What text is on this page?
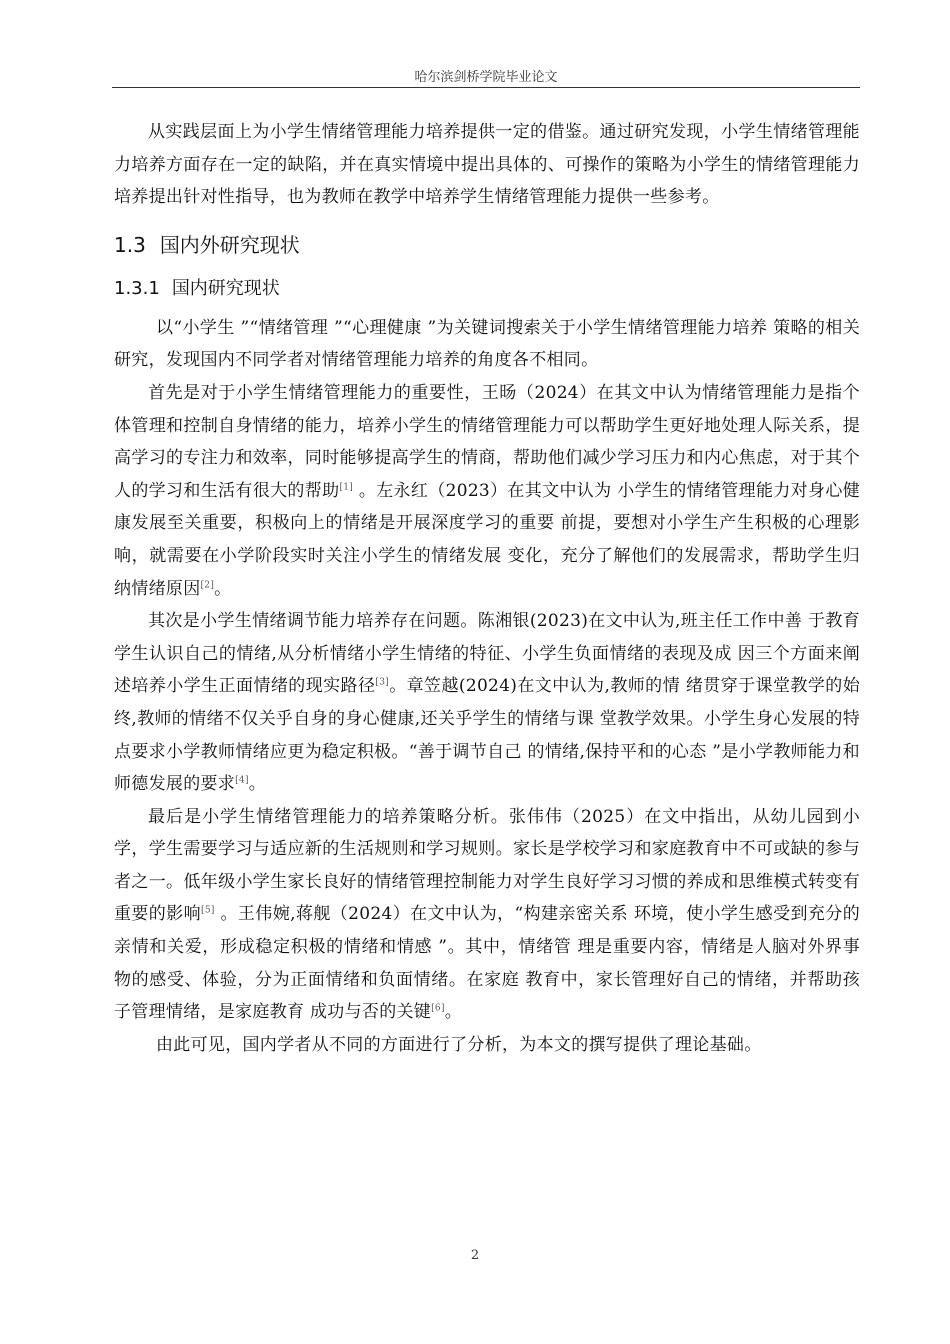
哈尔滨剑桥学院毕业论文

从实践层面上为小学生情绪管理能力培养提供一定的借鉴。通过研究发现，小学生情绪管理能力培养方面存在一定的缺陷，并在真实情境中提出具体的、可操作的策略为小学生的情绪管理能力培养提出针对性指导，也为教师在教学中培养学生情绪管理能力提供一些参考。

1.3 国内外研究现状
1.3.1 国内研究现状

以“小学生 ”“情绪管理 ”“心理健康 ”为关键词搜索关于小学生情绪管理能力培养 策略的相关研究，发现国内不同学者对情绪管理能力培养的角度各不相同。

首先是对于小学生情绪管理能力的重要性，王旸（2024）在其文中认为情绪管理能力是指个体管理和控制自身情绪的能力，培养小学生的情绪管理能力可以帮助学生更好地处理人际关系，提高学习的专注力和效率，同时能够提高学生的情商，帮助他们减少学习压力和内心焦虑，对于其个人的学习和生活有很大的帮助[1] 。左永红（2023）在其文中认为 小学生的情绪管理能力对身心健康发展至关重要，积极向上的情绪是开展深度学习的重要 前提，要想对小学生产生积极的心理影响，就需要在小学阶段实时关注小学生的情绪发展 变化，充分了解他们的发展需求，帮助学生归纳情绪原因[2]。

其次是小学生情绪调节能力培养存在问题。陈湘银(2023)在文中认为,班主任工作中善 于教育学生认识自己的情绪,从分析情绪小学生情绪的特征、小学生负面情绪的表现及成 因三个方面来阐述培养小学生正面情绪的现实路径[3]。章笠越(2024)在文中认为,教师的情 绪贯穿于课堂教学的始终,教师的情绪不仅关乎自身的身心健康,还关乎学生的情绪与课 堂教学效果。小学生身心发展的特点要求小学教师情绪应更为稳定积极。“善于调节自己 的情绪,保持平和的心态 ”是小学教师能力和师德发展的要求[4]。

最后是小学生情绪管理能力的培养策略分析。张伟伟（2025）在文中指出，从幼儿园到小学，学生需要学习与适应新的生活规则和学习规则。家长是学校学习和家庭教育中不可或缺的参与者之一。低年级小学生家长良好的情绪管理控制能力对学生良好学习习惯的养成和思维模式转变有重要的影响[5] 。王伟婉,蒋舰（2024）在文中认为，“构建亲密关系 环境，使小学生感受到充分的亲情和关爱，形成稳定积极的情绪和情感 ”。其中，情绪管 理是重要内容，情绪是人脑对外界事物的感受、体验，分为正面情绪和负面情绪。在家庭 教育中，家长管理好自己的情绪，并帮助孩子管理情绪，是家庭教育 成功与否的关键[6]。

由此可见，国内学者从不同的方面进行了分析，为本文的撰写提供了理论基础。

2
